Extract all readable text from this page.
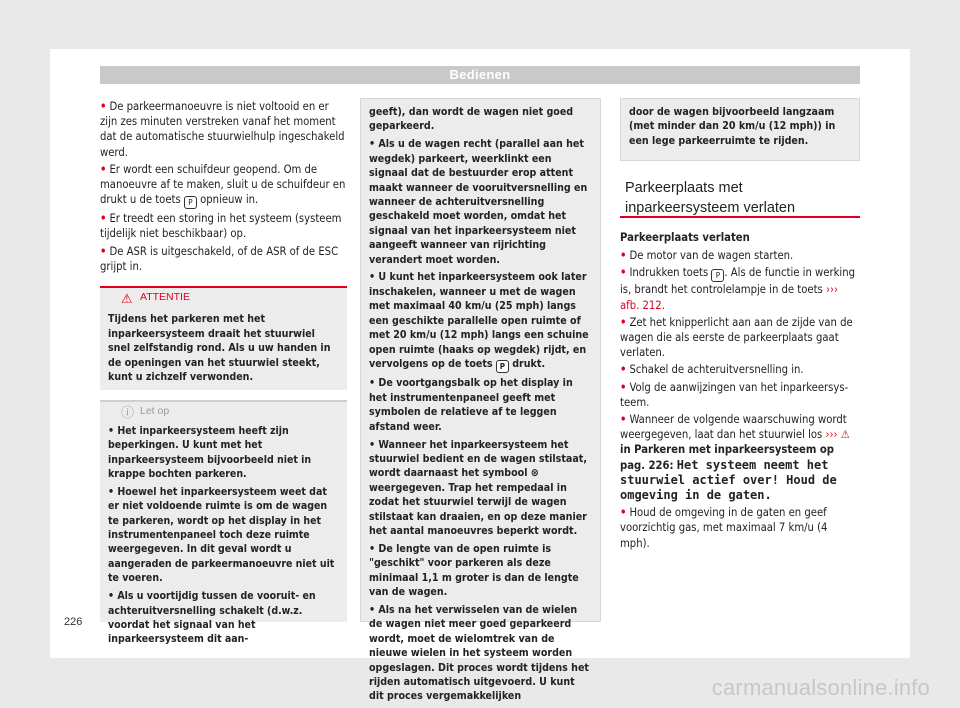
Bedienen

• De parkeermanoeuvre is niet voltooid en er zijn zes minuten verstreken vanaf het moment dat de automatische stuurwielhulp ingeschakeld werd.

• Er wordt een schuifdeur geopend. Om de manoeuvre af te maken, sluit u de schuifdeur en drukt u de toets P opnieuw in.

• Er treedt een storing in het systeem (systeem tijdelijk niet beschikbaar) op.

• De ASR is uitgeschakeld, of de ASR of de ESC grijpt in.

⚠ ATTENTIE
Tijdens het parkeren met het inparkeersysteem draait het stuurwiel snel zelfstandig rond. Als u uw handen in de openingen van het stuurwiel steekt, kunt u zichzelf verwonden.
ⓘ Let op

• Het inparkeersysteem heeft zijn beperkingen. U kunt met het inparkeersysteem bijvoorbeeld niet in krappe bochten parkeren.

• Hoewel het inparkeersysteem weet dat er niet voldoende ruimte is om de wagen te parkeren, wordt op het display in het instrumentenpaneel toch deze ruimte weergegeven. In dit geval wordt u aangeraden de parkeermanoeuvre niet uit te voeren.

• Als u voortijdig tussen de vooruit- en achteruitversnelling schakelt (d.w.z. voordat het signaal van het inparkeersysteem dit aan-

geeft), dan wordt de wagen niet goed geparkeerd.

• Als u de wagen recht (parallel aan het wegdek) parkeert, weerklinkt een signaal dat de bestuurder erop attent maakt wanneer de vooruitversnelling en wanneer de achteruitversnelling geschakeld moet worden, omdat het signaal van het inparkeersysteem niet aangeeft wanneer van rijrichting verandert moet worden.

• U kunt het inparkeersysteem ook later inschakelen, wanneer u met de wagen met maximaal 40 km/u (25 mph) langs een geschikte parallelle open ruimte of met 20 km/u (12 mph) langs een schuine open ruimte (haaks op wegdek) rijdt, en vervolgens op de toets P drukt.

• De voortgangsbalk op het display in het instrumentenpaneel geeft met symbolen de relatieve af te leggen afstand weer.

• Wanneer het inparkeersysteem het stuurwiel bedient en de wagen stilstaat, wordt daarnaast het symbool ⊛ weergegeven. Trap het rempedaal in zodat het stuurwiel terwijl de wagen stilstaat kan draaien, en op deze manier het aantal manoeuvres beperkt wordt.

• De lengte van de open ruimte is "geschikt" voor parkeren als deze minimaal 1,1 m groter is dan de lengte van de wagen.

• Als na het verwisselen van de wielen de wagen niet meer goed geparkeerd wordt, moet de wielomtrek van de nieuwe wielen in het systeem worden opgeslagen. Dit proces wordt tijdens het rijden automatisch uitgevoerd. U kunt dit proces vergemakkelijken

door de wagen bijvoorbeeld langzaam (met minder dan 20 km/u (12 mph)) in een lege parkeerruimte te rijden.
Parkeerplaats met inparkeersysteem verlaten

Parkeerplaats verlaten

• De motor van de wagen starten.

• Indrukken toets P . Als de functie in werking is, brandt het controlelampje in de toets ››› afb. 212.

• Zet het knipperlicht aan aan de zijde van de wagen die als eerste de parkeerplaats gaat verlaten.

• Schakel de achteruitversnelling in.

• Volg de aanwijzingen van het inparkeersysteem.

• Wanneer de volgende waarschuwing wordt weergegeven, laat dan het stuurwiel los ››› ⚠ in Parkeren met inparkeersysteem op pag. 226: Het systeem neemt het stuurwiel actief over! Houd de omgeving in de gaten.

• Houd de omgeving in de gaten en geef voorzichtig gas, met maximaal 7 km/u (4 mph).

226
carmanualsonline.info
